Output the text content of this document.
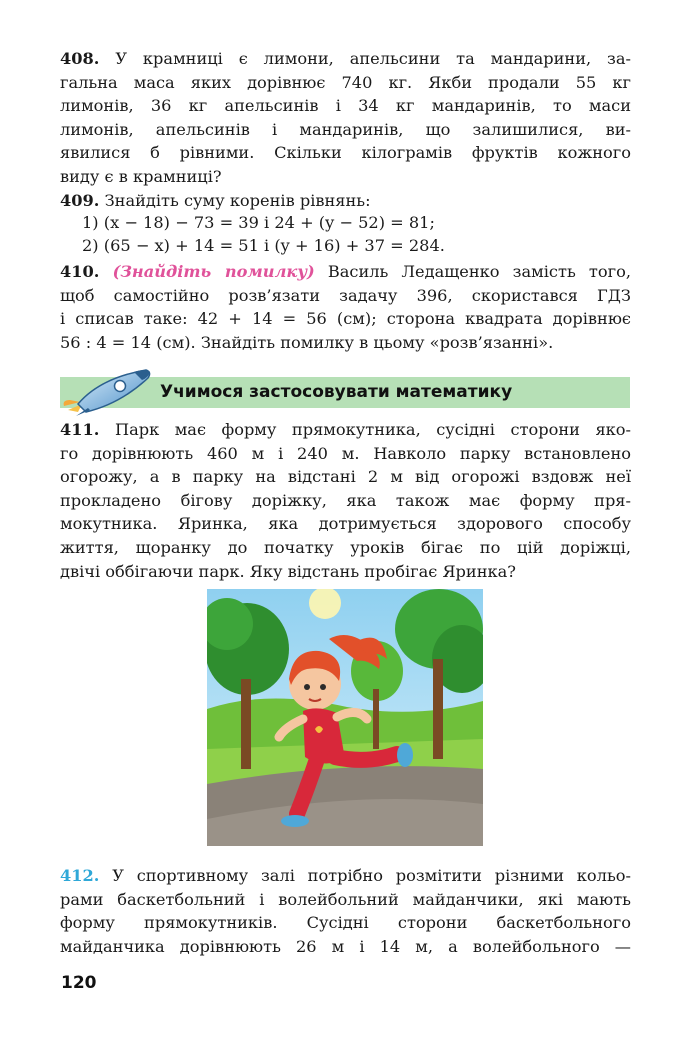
408. У крамниці є лимони, апельсини та мандарини, за-
гальна маса яких дорівнює 740 кг. Якби продали 55 кг
лимонів, 36 кг апельсинів і 34 кг мандаринів, то маси
лимонів, апельсинів і мандаринів, що залишилися, ви-
явилися б рівними. Скільки кілограмів фруктів кожного
виду є в крамниці?
409. Знайдіть суму коренів рівнянь:
1) (x − 18) − 73 = 39 і 24 + (y − 52) = 81;
2) (65 − x) + 14 = 51 і (y + 16) + 37 = 284.
410. (Знайдіть помилку) Василь Ледащенко замість того,
щоб самостійно розв’язати задачу 396, скористався ГДЗ
і списав таке: 42 + 14 = 56 (см); сторона квадрата дорівнює
56 : 4 = 14 (см). Знайдіть помилку в цьому «розв’язанні».
Учимося застосовувати математику
411. Парк має форму прямокутника, сусідні сторони яко-
го дорівнюють 460 м і 240 м. Навколо парку встановлено
огорожу, а в парку на відстані 2 м від огорожі вздовж неї
прокладено бігову доріжку, яка також має форму пря-
мокутника. Яринка, яка дотримується здорового способу
життя, щоранку до початку уроків бігає по цій доріжці,
двічі оббігаючи парк. Яку відстань пробігає Яринка?
412. У спортивному залі потрібно розмітити різними кольо-
рами баскетбольний і волейбольний майданчики, які мають
форму прямокутників. Сусідні сторони баскетбольного
майданчика дорівнюють 26 м і 14 м, а волейбольного —
120
